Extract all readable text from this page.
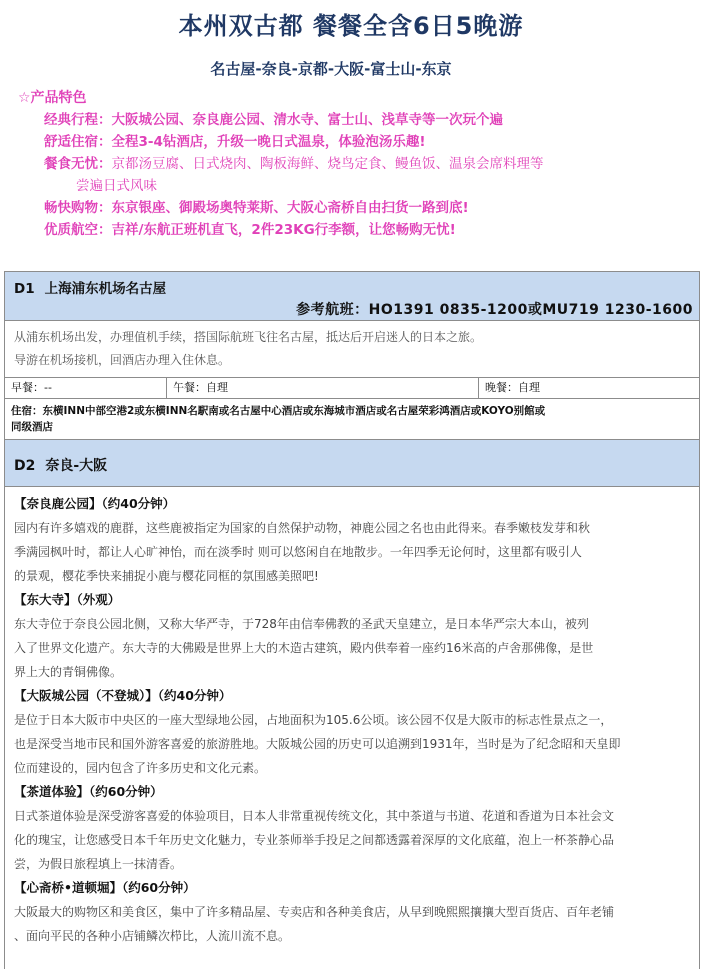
本州双古都 餐餐全含6日5晚游
名古屋-奈良-京都-大阪-富士山-东京
☆产品特色
经典行程： 大阪城公园、奈良鹿公园、清水寺、富士山、浅草寺等一次玩个遍
舒适住宿： 全程3-4钻酒店，升级一晚日式温泉，体验泡汤乐趣!
餐食无忧： 京都汤豆腐、日式烧肉、陶板海鲜、烧鸟定食、鳗鱼饭、温泉会席料理等
尝遍日式风味
畅快购物： 东京银座、御殿场奥特莱斯、大阪心斋桥自由扫货一路到底!
优质航空： 吉祥/东航正班机直飞，2件23KG行李额，让您畅购无忧!
D1 上海浦东机场名古屋
参考航班：HO1391 0835-1200或MU719 1230-1600
从浦东机场出发，办理值机手续，搭国际航班飞往名古屋，抵达后开启迷人的日本之旅。
导游在机场接机，回酒店办理入住休息。
早餐：--	午餐：自理	晚餐：自理
住宿：东横INN中部空港2或东横INN名駅南或名古屋中心酒店或东海城市酒店或名古屋荣彩鸿酒店或KOYO别館或
同级酒店
D2 奈良-大阪
【奈良鹿公园】（约40分钟）
园内有许多嬉戏的鹿群，这些鹿被指定为国家的自然保护动物，神鹿公园之名也由此得来。春季嫩枝发芽和秋
季满园枫叶时，都让人心旷神怡，而在淡季时 则可以悠闲自在地散步。一年四季无论何时，这里都有吸引人
的景观，樱花季快来捕捉小鹿与樱花同框的氛围感美照吧!
【东大寺】（外观）
东大寺位于奈良公园北侧，又称大华严寺，于728年由信奉佛教的圣武天皇建立，是日本华严宗大本山，被列
入了世界文化遗产。东大寺的大佛殿是世界上大的木造古建筑，殿内供奉着一座约16米高的卢舍那佛像，是世
界上大的青铜佛像。
【大阪城公园（不登城）】（约40分钟）
是位于日本大阪市中央区的一座大型绿地公园，占地面积为105.6公顷。该公园不仅是大阪市的标志性景点之一，
也是深受当地市民和国外游客喜爱的旅游胜地。大阪城公园的历史可以追溯到1931年，当时是为了纪念昭和天皇即
位而建设的，园内包含了许多历史和文化元素。
【茶道体验】（约60分钟）
日式茶道体验是深受游客喜爱的体验项目，日本人非常重视传统文化，其中茶道与书道、花道和香道为日本社会文
化的瑰宝，让您感受日本千年历史文化魅力，专业茶师举手投足之间都透露着深厚的文化底蕴，泡上一杯茶静心品
尝，为假日旅程填上一抹清香。
【心斋桥•道顿堀】（约60分钟）
大阪最大的购物区和美食区，集中了许多精品屋、专卖店和各种美食店，从早到晚熙熙攘攘大型百货店、百年老铺
、面向平民的各种小店铺鳞次栉比，人流川流不息。
